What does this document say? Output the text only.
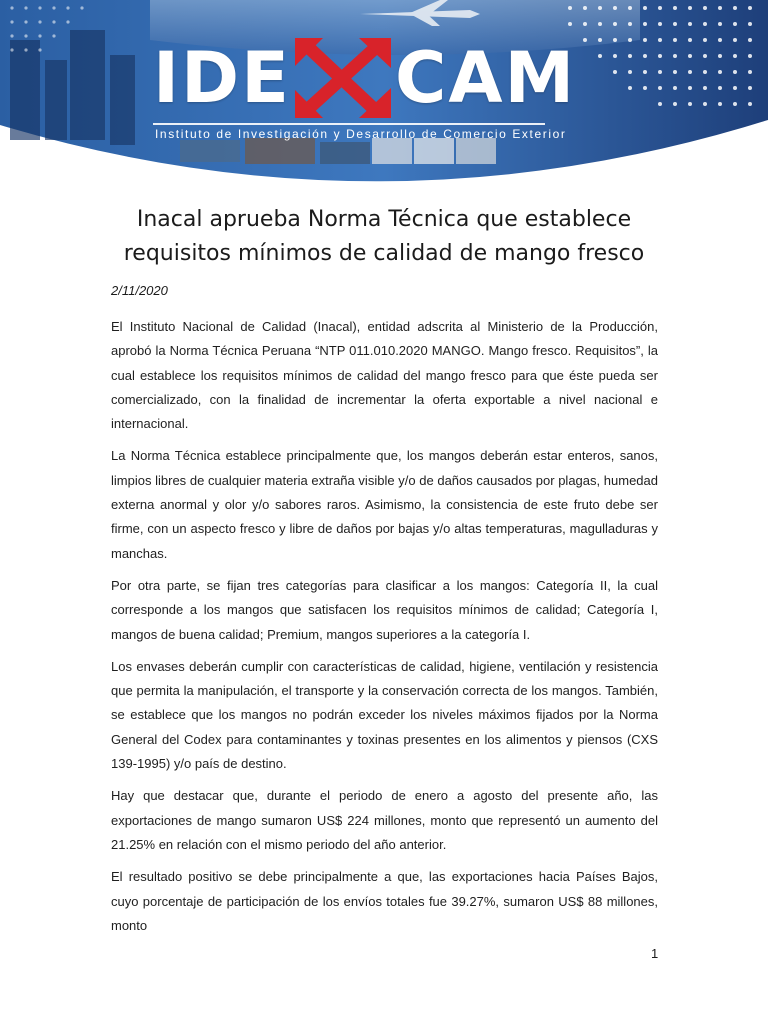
IDE CAM
Instituto de Investigación y Desarrollo de Comercio Exterior
Inacal aprueba Norma Técnica que establece requisitos mínimos de calidad de mango fresco
2/11/2020

El Instituto Nacional de Calidad (Inacal), entidad adscrita al Ministerio de la Producción, aprobó la Norma Técnica Peruana “NTP 011.010.2020 MANGO. Mango fresco. Requisitos”, la cual establece los requisitos mínimos de calidad del mango fresco para que éste pueda ser comercializado, con la finalidad de incrementar la oferta exportable a nivel nacional e internacional.

La Norma Técnica establece principalmente que, los mangos deberán estar enteros, sanos, limpios libres de cualquier materia extraña visible y/o de daños causados por plagas, humedad externa anormal y olor y/o sabores raros. Asimismo, la consistencia de este fruto debe ser firme, con un aspecto fresco y libre de daños por bajas y/o altas temperaturas, magulladuras y manchas.

Por otra parte, se fijan tres categorías para clasificar a los mangos: Categoría II, la cual corresponde a los mangos que satisfacen los requisitos mínimos de calidad; Categoría I, mangos de buena calidad; Premium, mangos superiores a la categoría I.

Los envases deberán cumplir con características de calidad, higiene, ventilación y resistencia que permita la manipulación, el transporte y la conservación correcta de los mangos. También, se establece que los mangos no podrán exceder los niveles máximos fijados por la Norma General del Codex para contaminantes y toxinas presentes en los alimentos y piensos (CXS 139-1995) y/o país de destino.

Hay que destacar que, durante el periodo de enero a agosto del presente año, las exportaciones de mango sumaron US$ 224 millones, monto que representó un aumento del 21.25% en relación con el mismo periodo del año anterior.

El resultado positivo se debe principalmente a que, las exportaciones hacia Países Bajos, cuyo porcentaje de participación de los envíos totales fue 39.27%, sumaron US$ 88 millones, monto

1
